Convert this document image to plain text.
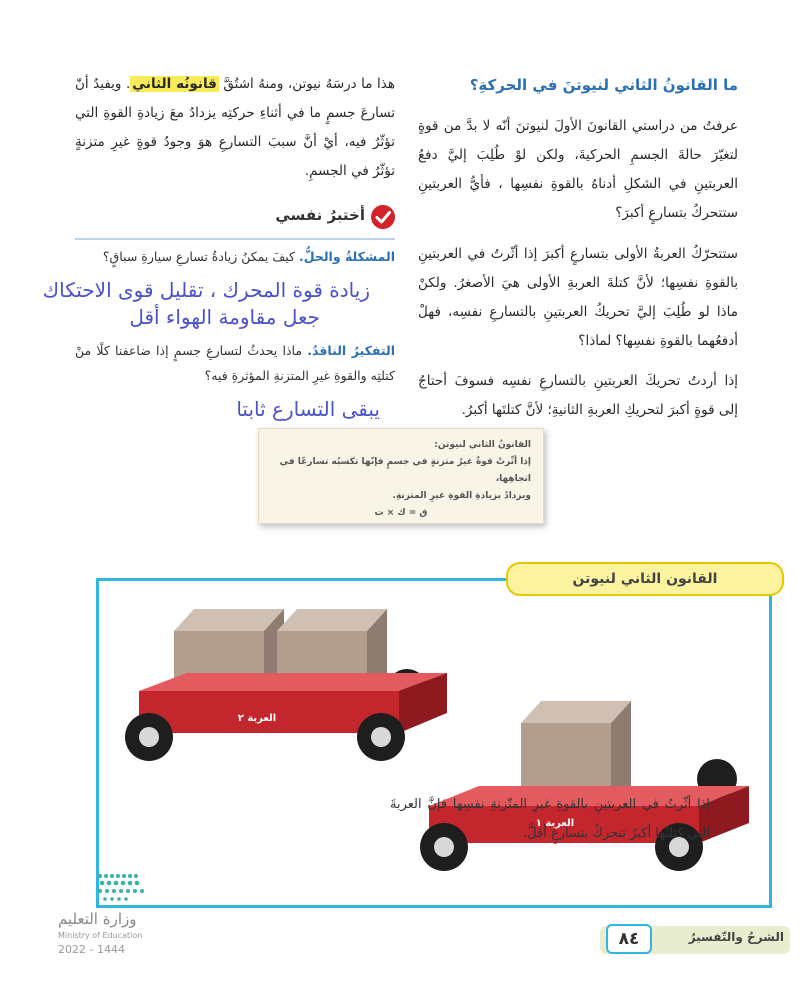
ما القانونُ الثاني لنيوتنَ في الحركةِ؟

عرفتُ من دراستي القانونَ الأولَ لنيوتنَ أنّه لا بدَّ من قوةٍ لتغيّرَ حالةَ الجسمِ الحركيةَ، ولكن لوْ طُلِبَ إليَّ دفعُ العربتينِ في الشكلِ أدناهُ بالقوةِ نفسِها ، فأيُّ العربتينِ ستتحركُ بتسارعٍ أكبرَ؟

ستتحرّكُ العربةُ الأولى بتسارعٍ أكبرَ إذا أثّرتُ في العربتينِ بالقوةِ نفسِها؛ لأنَّ كتلةَ العربةِ الأولى هيَ الأصغرُ. ولكنْ ماذا لو طُلِبَ إليَّ تحريكُ العربتينِ بالتسارعِ نفسِه، فهلْ أدفعُهما بالقوةِ نفسِها؟ لماذا؟

إذا أردتُ تحريكَ العربتينِ بالتسارعِ نفسِه فسوفَ أحتاجُ إلى قوةٍ أكبرَ لتحريكِ العربةِ الثانيةِ؛ لأنَّ كتلتَها أكبرُ.

هذا ما درسَهُ نيوتن، ومنهُ اشتُقَّ قانونُه الثاني. ويفيدُ أنّ تسارعَ جسمٍ ما في أثناءِ حركتِه يزدادُ معَ زيادةِ القوةِ التي تؤثّرُ فيه، أيْ أنَّ سببَ التسارعِ هوَ وجودُ قوةٍ غيرِ متزنةٍ تؤثّرُ في الجسمِ.

أختبرُ نفسي

المشكلةُ والحلُّ. كيفَ يمكنُ زيادةُ تسارعِ سيارةِ سباقٍ؟

زيادة قوة المحرك ، تقليل قوى الاحتكاك
جعل مقاومة الهواء أقل

التفكيرُ الناقدُ. ماذا يحدثُ لتسارعِ جسمٍ إذا ضاعفنا كلًا منْ كتلتِه والقوةِ غيرِ المتزنةِ المؤثرةِ فيه؟

يبقى التسارع ثابتا
القانونُ الثاني لنيوتن:
إذا أثّرتْ قوةٌ غيرُ متزنةٍ في جسمٍ فإنّها تكسبُه تسارعًا في اتجاهِها،
ويزدادُ بزيادةِ القوةِ غيرِ المتزنةِ.
ق = ك × ت
القانون الثاني لنيوتن
العربة ٢
العربة ١

إذا أثّرتُ في العربتينِ بالقوةِ غيرِ المتّزنةِ نفسِها فإنَّ العربةَ التي كتلتُها أكبرُ تتحركُ بتسارعٍ أقلَّ.

٨٤	الشرحُ والتّفسيرُ
وزارة التعليم
Ministry of Education
2022 - 1444
